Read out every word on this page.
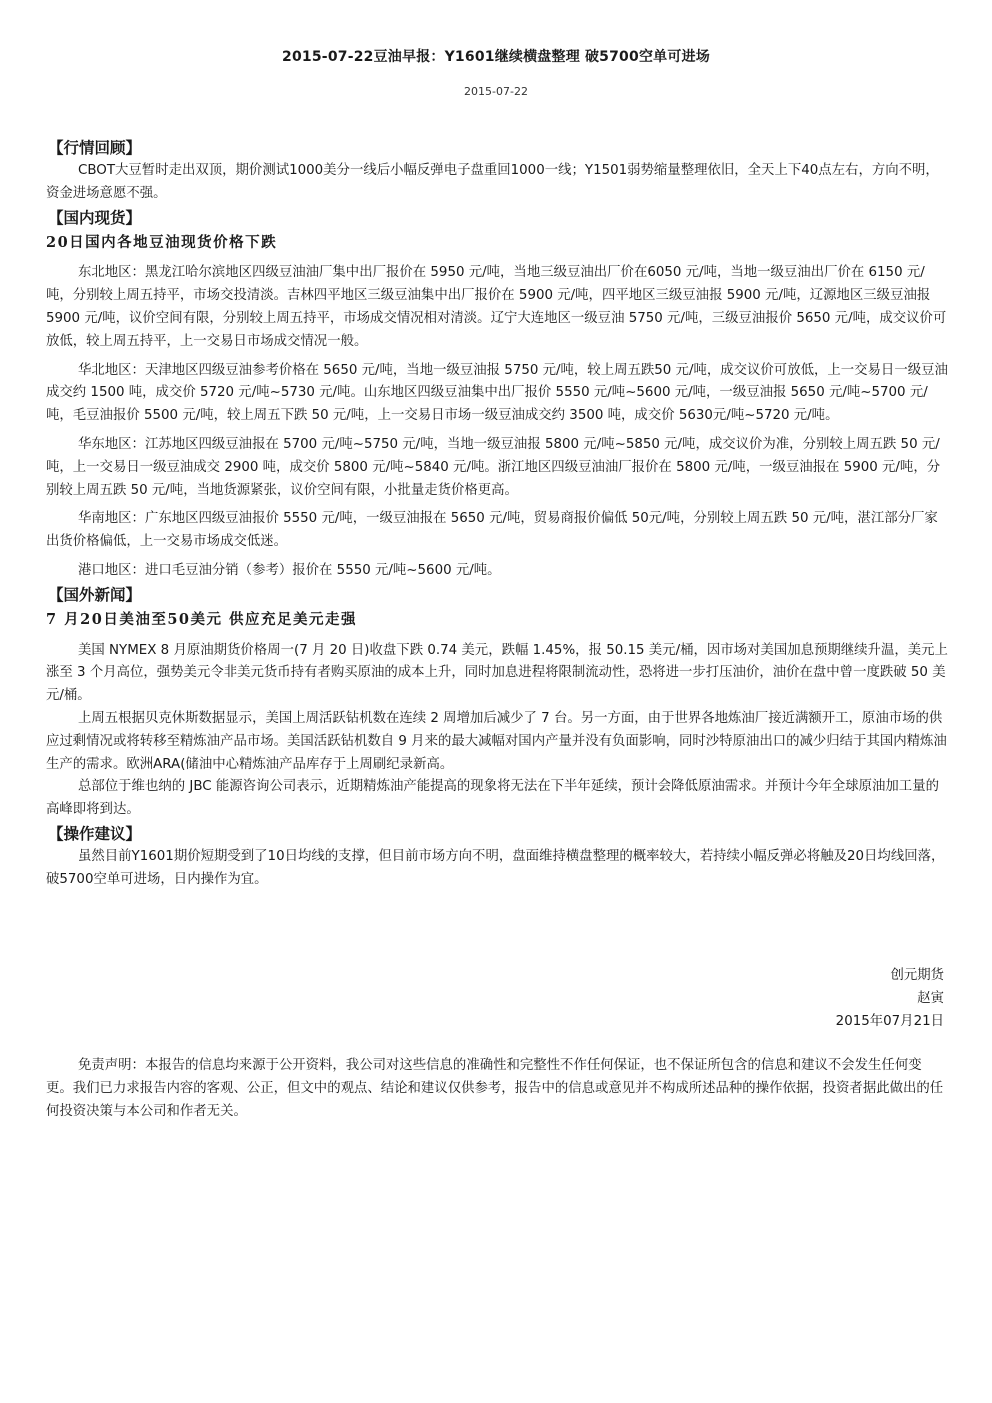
2015-07-22豆油早报：Y1601继续横盘整理 破5700空单可进场
2015-07-22
【行情回顾】

CBOT大豆暂时走出双顶，期价测试1000美分一线后小幅反弹电子盘重回1000一线；Y1501弱势缩量整理依旧，全天上下40点左右，方向不明，资金进场意愿不强。

【国内现货】
20日国内各地豆油现货价格下跌

东北地区：黑龙江哈尔滨地区四级豆油油厂集中出厂报价在 5950 元/吨，当地三级豆油出厂价在6050 元/吨，当地一级豆油出厂价在 6150 元/吨，分别较上周五持平，市场交投清淡。吉林四平地区三级豆油集中出厂报价在 5900 元/吨，四平地区三级豆油报 5900 元/吨，辽源地区三级豆油报 5900 元/吨，议价空间有限，分别较上周五持平，市场成交情况相对清淡。辽宁大连地区一级豆油 5750 元/吨，三级豆油报价 5650 元/吨，成交议价可放低，较上周五持平，上一交易日市场成交情况一般。

华北地区：天津地区四级豆油参考价格在 5650 元/吨，当地一级豆油报 5750 元/吨，较上周五跌50 元/吨，成交议价可放低，上一交易日一级豆油成交约 1500 吨，成交价 5720 元/吨~5730 元/吨。山东地区四级豆油集中出厂报价 5550 元/吨~5600 元/吨，一级豆油报 5650 元/吨~5700 元/吨，毛豆油报价 5500 元/吨，较上周五下跌 50 元/吨，上一交易日市场一级豆油成交约 3500 吨，成交价 5630元/吨~5720 元/吨。

华东地区：江苏地区四级豆油报在 5700 元/吨~5750 元/吨，当地一级豆油报 5800 元/吨~5850 元/吨，成交议价为准，分别较上周五跌 50 元/吨，上一交易日一级豆油成交 2900 吨，成交价 5800 元/吨~5840 元/吨。浙江地区四级豆油油厂报价在 5800 元/吨，一级豆油报在 5900 元/吨，分别较上周五跌 50 元/吨，当地货源紧张，议价空间有限，小批量走货价格更高。

华南地区：广东地区四级豆油报价 5550 元/吨，一级豆油报在 5650 元/吨，贸易商报价偏低 50元/吨，分别较上周五跌 50 元/吨，湛江部分厂家出货价格偏低，上一交易市场成交低迷。

港口地区：进口毛豆油分销（参考）报价在 5550 元/吨~5600 元/吨。

【国外新闻】
7 月20日美油至50美元 供应充足美元走强

美国 NYMEX 8 月原油期货价格周一(7 月 20 日)收盘下跌 0.74 美元，跌幅 1.45%，报 50.15 美元/桶，因市场对美国加息预期继续升温，美元上涨至 3 个月高位，强势美元令非美元货币持有者购买原油的成本上升，同时加息进程将限制流动性，恐将进一步打压油价，油价在盘中曾一度跌破 50 美元/桶。

上周五根据贝克休斯数据显示，美国上周活跃钻机数在连续 2 周增加后减少了 7 台。另一方面，由于世界各地炼油厂接近满额开工，原油市场的供应过剩情况或将转移至精炼油产品市场。美国活跃钻机数自 9 月来的最大减幅对国内产量并没有负面影响，同时沙特原油出口的减少归结于其国内精炼油生产的需求。欧洲ARA(储油中心精炼油产品库存于上周刷纪录新高。

总部位于维也纳的 JBC 能源咨询公司表示，近期精炼油产能提高的现象将无法在下半年延续，预计会降低原油需求。并预计今年全球原油加工量的高峰即将到达。

【操作建议】

虽然目前Y1601期价短期受到了10日均线的支撑，但目前市场方向不明，盘面维持横盘整理的概率较大，若持续小幅反弹必将触及20日均线回落，破5700空单可进场，日内操作为宜。

创元期货
赵寅
2015年07月21日
免责声明：本报告的信息均来源于公开资料，我公司对这些信息的准确性和完整性不作任何保证，也不保证所包含的信息和建议不会发生任何变更。我们已力求报告内容的客观、公正，但文中的观点、结论和建议仅供参考，报告中的信息或意见并不构成所述品种的操作依据，投资者据此做出的任何投资决策与本公司和作者无关。
